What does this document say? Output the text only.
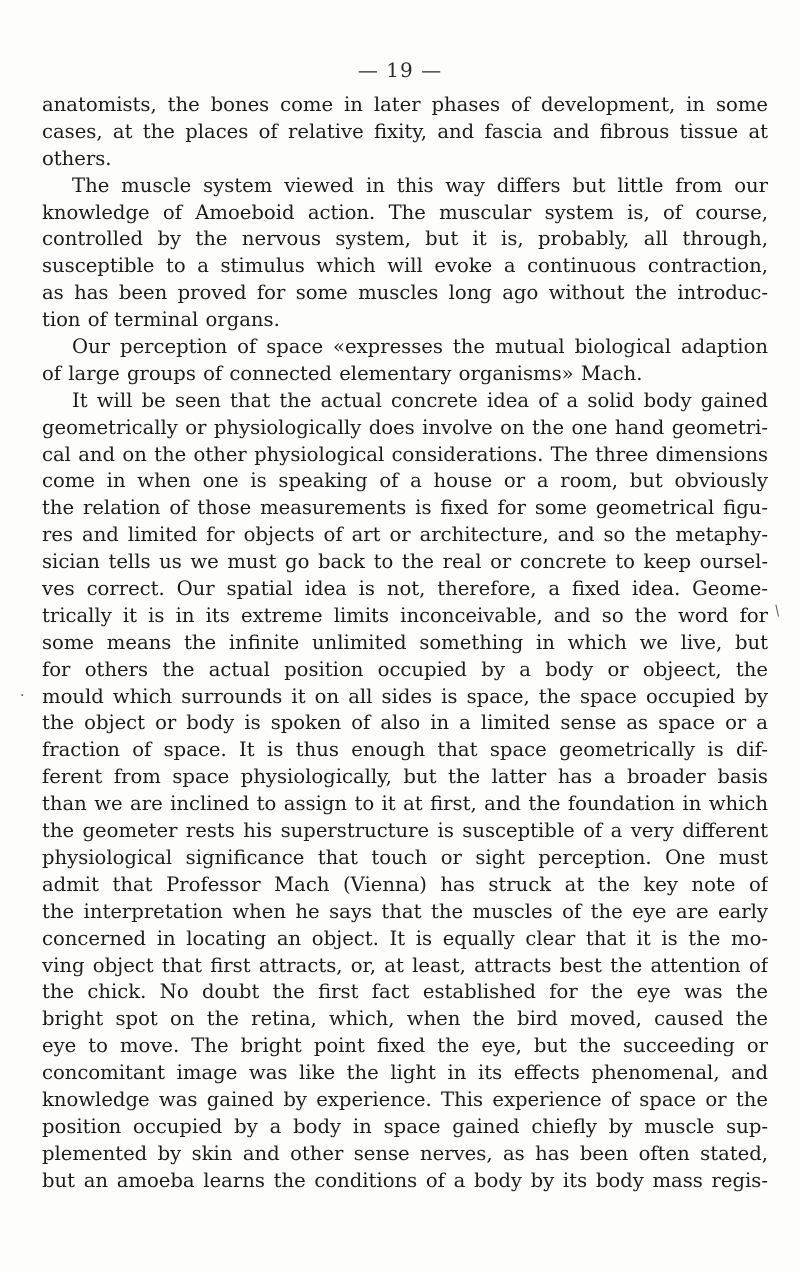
— 19 —
anatomists, the bones come in later phases of development, in some
cases, at the places of relative fixity, and fascia and fibrous tissue at
others.
The muscle system viewed in this way differs but little from our
knowledge of Amoeboid action. The muscular system is, of course,
controlled by the nervous system, but it is, probably, all through,
susceptible to a stimulus which will evoke a continuous contraction,
as has been proved for some muscles long ago without the introduc-
tion of terminal organs.
Our perception of space «expresses the mutual biological adaption
of large groups of connected elementary organisms» Mach.
It will be seen that the actual concrete idea of a solid body gained
geometrically or physiologically does involve on the one hand geometri-
cal and on the other physiological considerations. The three dimensions
come in when one is speaking of a house or a room, but obviously
the relation of those measurements is fixed for some geometrical figu-
res and limited for objects of art or architecture, and so the metaphy-
sician tells us we must go back to the real or concrete to keep oursel-
ves correct. Our spatial idea is not, therefore, a fixed idea. Geome-
trically it is in its extreme limits inconceivable, and so the word for
some means the infinite unlimited something in which we live, but
for others the actual position occupied by a body or objeect, the
mould which surrounds it on all sides is space, the space occupied by
the object or body is spoken of also in a limited sense as space or a
fraction of space. It is thus enough that space geometrically is dif-
ferent from space physiologically, but the latter has a broader basis
than we are inclined to assign to it at first, and the foundation in which
the geometer rests his superstructure is susceptible of a very different
physiological significance that touch or sight perception. One must
admit that Professor Mach (Vienna) has struck at the key note of
the interpretation when he says that the muscles of the eye are early
concerned in locating an object. It is equally clear that it is the mo-
ving object that first attracts, or, at least, attracts best the attention of
the chick. No doubt the first fact established for the eye was the
bright spot on the retina, which, when the bird moved, caused the
eye to move. The bright point fixed the eye, but the succeeding or
concomitant image was like the light in its effects phenomenal, and
knowledge was gained by experience. This experience of space or the
position occupied by a body in space gained chiefly by muscle sup-
plemented by skin and other sense nerves, as has been often stated,
but an amoeba learns the conditions of a body by its body mass regis-
·
/
